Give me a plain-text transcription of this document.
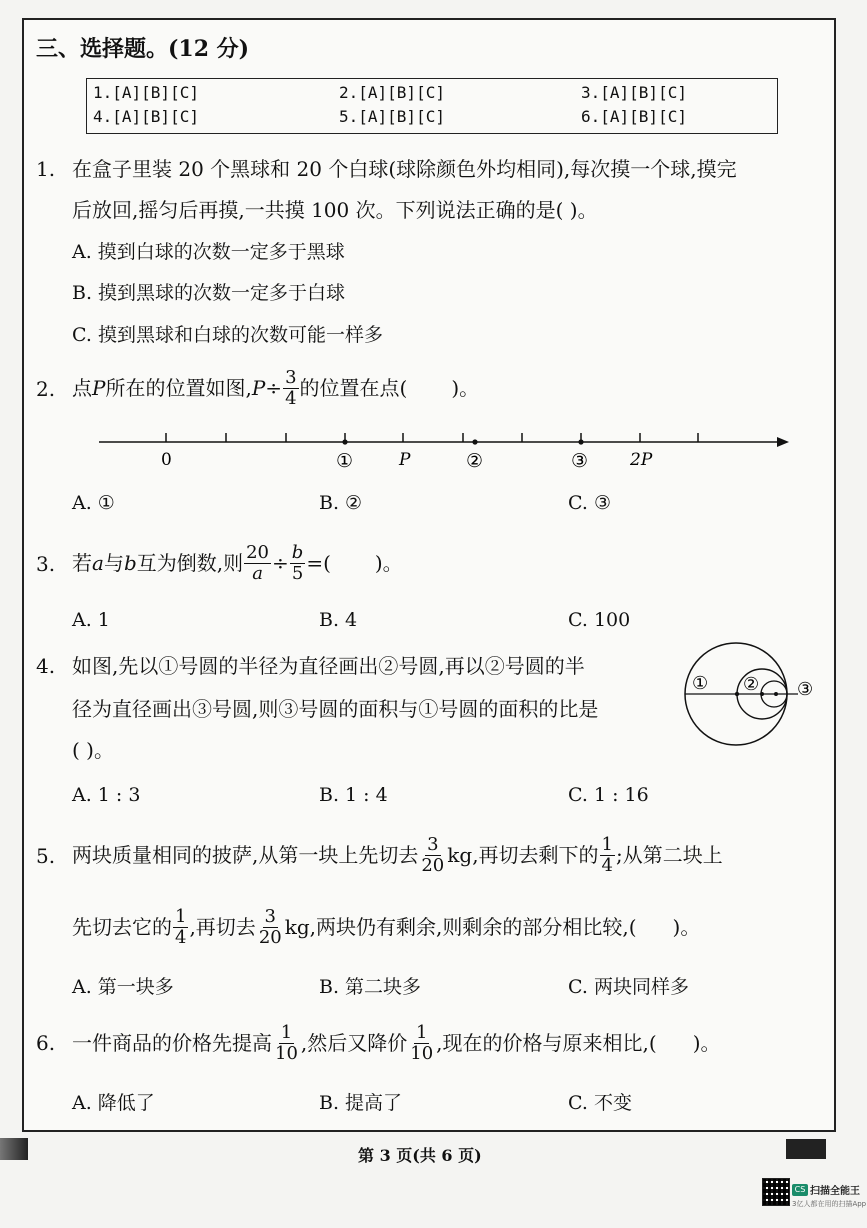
三、选择题。(12 分)
1.[A][B][C]	2.[A][B][C]	3.[A][B][C]
4.[A][B][C]	5.[A][B][C]	6.[A][B][C]
1. 在盒子里装 20 个黑球和 20 个白球(球除颜色外均相同),每次摸一个球,摸完
后放回,摇匀后再摸,一共摸 100 次。下列说法正确的是( )。
A. 摸到白球的次数一定多于黑球
B. 摸到黑球的次数一定多于白球
C. 摸到黑球和白球的次数可能一样多
2. 点 P 所在的位置如图, $P \div \frac{3}{4}$ 的位置在点( )。
0	①	P	②	③ 2P
A. ①	B. ②	C. ③
3. 若 a 与 b 互为倒数,则 $\frac{20}{a} \div \frac{b}{5}$ =( )。
A. 1	B. 4	C. 100
4. 如图,先以①号圆的半径为直径画出②号圆,再以②号圆的半
径为直径画出③号圆,则③号圆的面积与①号圆的面积的比是
( )。
① ② ③
A. 1 : 3	B. 1 : 4	C. 1 : 16
5. 两块质量相同的披萨,从第一块上先切去 $\frac{3}{20}$ kg,再切去剩下的 $\frac{1}{4}$ ;从第二块上
先切去它的 $\frac{1}{4}$ ,再切去 $\frac{3}{20}$ kg,两块仍有剩余,则剩余的部分相比较,( )。
A. 第一块多	B. 第二块多	C. 两块同样多
6. 一件商品的价格先提高 $\frac{1}{10}$ ,然后又降价 $\frac{1}{10}$ ,现在的价格与原来相比,( )。
A. 降低了	B. 提高了	C. 不变
第 3 页(共 6 页)
CS 扫描全能王
3亿人都在用的扫描App
